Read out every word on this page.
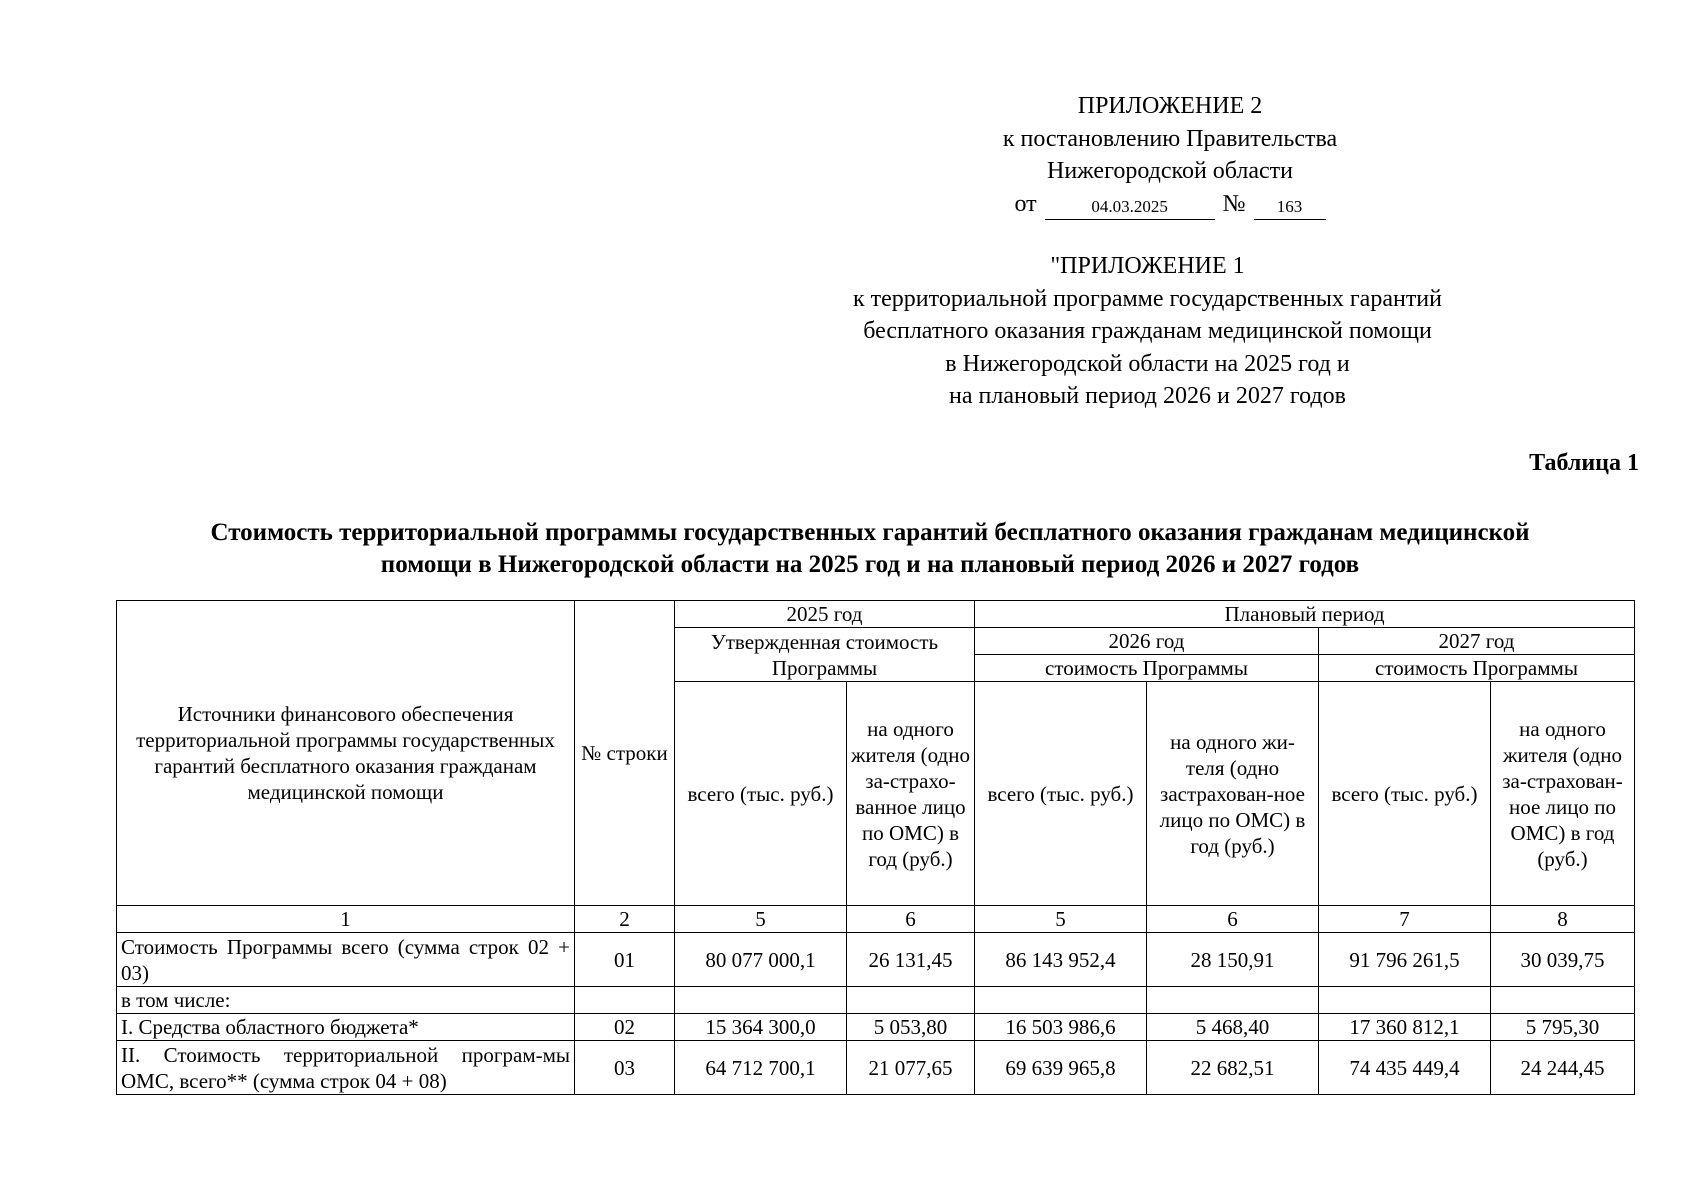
ПРИЛОЖЕНИЕ 2
к постановлению Правительства
Нижегородской области
от	04.03.2025	№	163
"ПРИЛОЖЕНИЕ 1
к территориальной программе государственных гарантий
бесплатного оказания гражданам медицинской помощи
в Нижегородской области на 2025 год и
на плановый период 2026 и 2027 годов
Таблица 1
Стоимость территориальной программы государственных гарантий бесплатного оказания гражданам медицинской
помощи в Нижегородской области на 2025 год и на плановый период 2026 и 2027 годов
Источники финансового обеспечения территориальной программы государственных гарантий бесплатного оказания гражданам медицинской помощи	№ строки	2025 год		Плановый период			
		Утвержденная стоимость Программы		2026 год		2027 год	
				стоимость Программы		стоимость Программы	
		всего (тыс. руб.)	на одного жителя (одно за-страхо-ванное лицо по ОМС) в год (руб.)	всего (тыс. руб.)	на одного жи-теля (одно застрахован-ное лицо по ОМС) в год (руб.)	всего (тыс. руб.)	на одного жителя (одно за-страхован-ное лицо по ОМС) в год (руб.)
1	2	5	6	5	6	7	8
Стоимость Программы всего (сумма строк 02 + 03)	01	80 077 000,1	26 131,45	86 143 952,4	28 150,91	91 796 261,5	30 039,75
в том числе:							
I. Средства областного бюджета*	02	15 364 300,0	5 053,80	16 503 986,6	5 468,40	17 360 812,1	5 795,30
II. Стоимость территориальной програм-мы ОМС, всего** (сумма строк 04 + 08)	03	64 712 700,1	21 077,65	69 639 965,8	22 682,51	74 435 449,4	24 244,45
